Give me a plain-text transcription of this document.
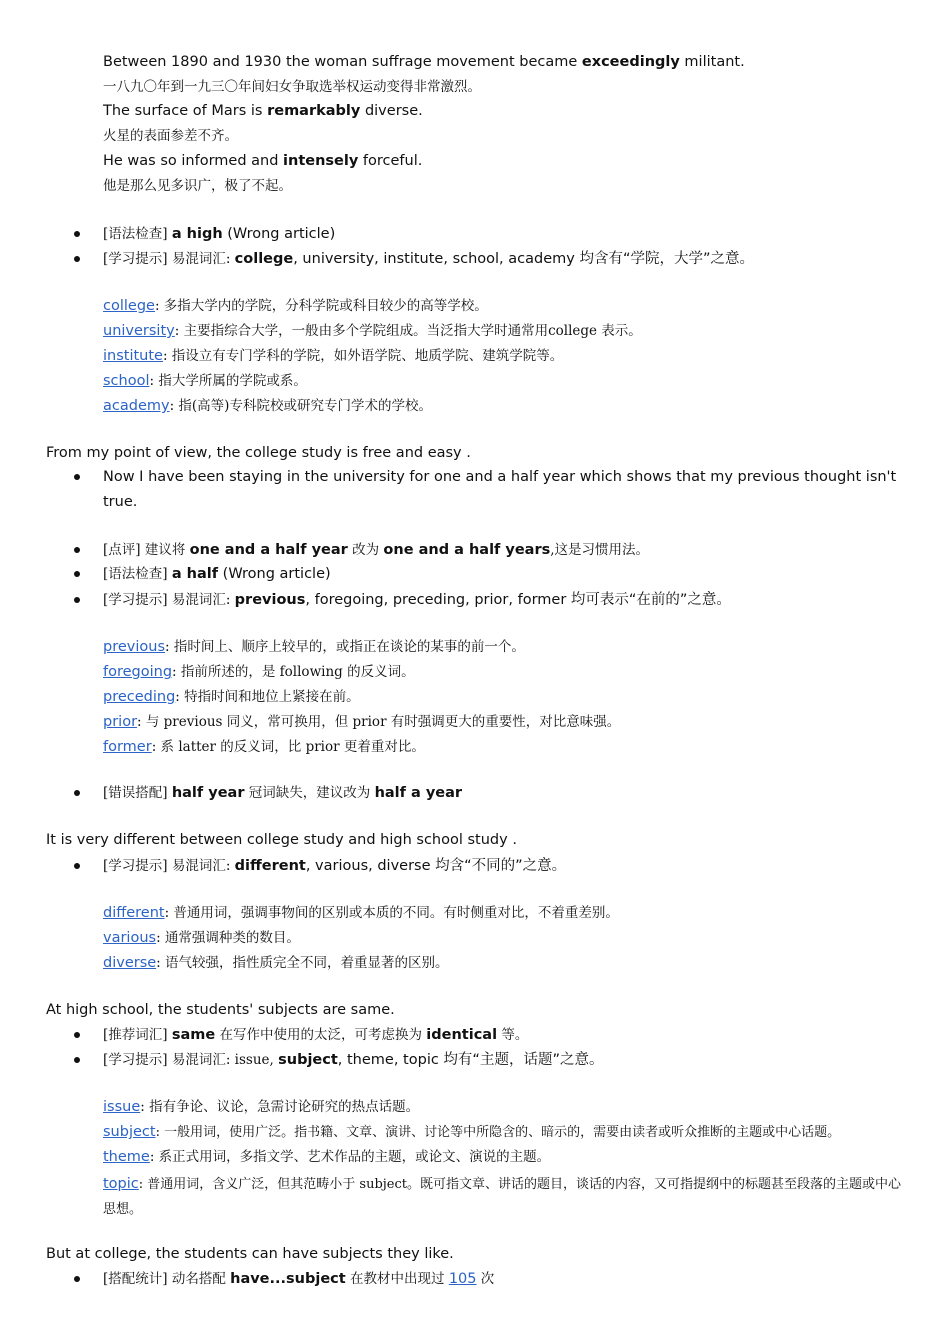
Between 1890 and 1930 the woman suffrage movement became exceedingly militant.
一八九〇年到一九三〇年间妇女争取选举权运动变得非常激烈。
The surface of Mars is remarkably diverse.
火星的表面参差不齐。
He was so informed and intensely forceful.
他是那么见多识广，极了不起。
[语法检查] a high (Wrong article)
[学习提示] 易混词汇: college, university, institute, school, academy 均含有“学院，大学”之意。
college: 多指大学内的学院，分科学院或科目较少的高等学校。
university: 主要指综合大学，一般由多个学院组成。当泛指大学时通常用college 表示。
institute: 指设立有专门学科的学院，如外语学院、地质学院、建筑学院等。
school: 指大学所属的学院或系。
academy: 指(高等)专科院校或研究专门学术的学校。
From my point of view, the college study is free and easy .
Now I have been staying in the university for one and a half year which shows that my previous thought isn't
true.
[点评] 建议将 one and a half year 改为 one and a half years,这是习惯用法。
[语法检查] a half (Wrong article)
[学习提示] 易混词汇: previous, foregoing, preceding, prior, former 均可表示“在前的”之意。
previous: 指时间上、顺序上较早的，或指正在谈论的某事的前一个。
foregoing: 指前所述的，是 following 的反义词。
preceding: 特指时间和地位上紧接在前。
prior: 与 previous 同义，常可换用，但 prior 有时强调更大的重要性，对比意味强。
former: 系 latter 的反义词，比 prior 更着重对比。
[错误搭配] half year 冠词缺失，建议改为 half a year
It is very different between college study and high school study .
[学习提示] 易混词汇: different, various, diverse 均含“不同的”之意。
different: 普通用词，强调事物间的区别或本质的不同。有时侧重对比，不着重差别。
various: 通常强调种类的数目。
diverse: 语气较强，指性质完全不同，着重显著的区别。
At high school, the students' subjects are same.
[推荐词汇] same 在写作中使用的太泛，可考虑换为 identical 等。
[学习提示] 易混词汇: issue, subject, theme, topic 均有“主题，话题”之意。
issue: 指有争论、议论，急需讨论研究的热点话题。
subject: 一般用词，使用广泛。指书籍、文章、演讲、讨论等中所隐含的、暗示的，需要由读者或听众推断的主题或中心话题。
theme: 系正式用词，多指文学、艺术作品的主题，或论文、演说的主题。
topic: 普通用词，含义广泛，但其范畴小于 subject。既可指文章、讲话的题目，谈话的内容，又可指提纲中的标题甚至段落的主题或中心思想。
But at college, the students can have subjects they like.
[搭配统计] 动名搭配 have...subject 在教材中出现过 105 次
